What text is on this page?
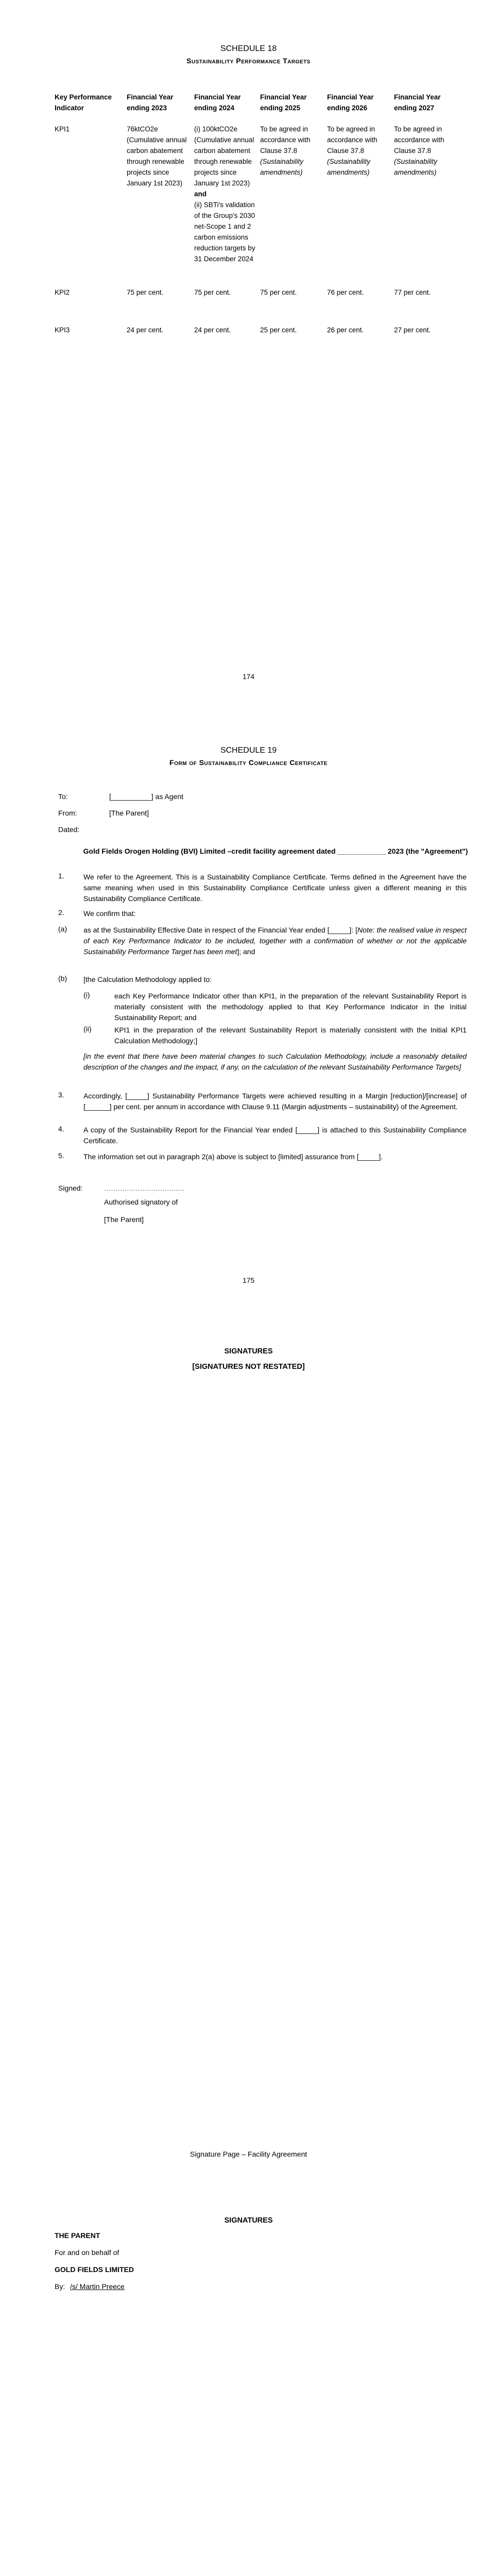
SCHEDULE 18
Sustainability Performance Targets
Key Performance Indicator	Financial Year ending 2023	Financial Year ending 2024	Financial Year ending 2025	Financial Year ending 2026	Financial Year ending 2027

KPI1	76ktCO2e (Cumulative annual carbon abatement through renewable projects since January 1st 2023)	(i) 100ktCO2e (Cumulative annual carbon abatement through renewable projects since January 1st 2023)
and
(ii) SBTi's validation of the Group's 2030 net-Scope 1 and 2 carbon emissions reduction targets by 31 December 2024	To be agreed in accordance with Clause 37.8 (Sustainability amendments)	To be agreed in accordance with Clause 37.8 (Sustainability amendments)	To be agreed in accordance with Clause 37.8 (Sustainability amendments)

KPI2	75 per cent.	75 per cent.	75 per cent.	76 per cent.	77 per cent.

KPI3	24 per cent.	24 per cent.	25 per cent.	26 per cent.	27 per cent.
174
SCHEDULE 19
Form of Sustainability Compliance Certificate
To:	[__________] as Agent
From:	[The Parent]
Dated:
Gold Fields Orogen Holding (BVI) Limited –credit facility agreement dated ____________ 2023 (the "Agreement")
1.	We refer to the Agreement. This is a Sustainability Compliance Certificate. Terms defined in the Agreement have the same meaning when used in this Sustainability Compliance Certificate unless given a different meaning in this Sustainability Compliance Certificate.
2.	We confirm that:
(a) as at the Sustainability Effective Date in respect of the Financial Year ended [_____]: [Note: the realised value in respect of each Key Performance Indicator to be included, together with a confirmation of whether or not the applicable Sustainability Performance Target has been met]; and
(b) [the Calculation Methodology applied to:
(i)	each Key Performance Indicator other than KPI1, in the preparation of the relevant Sustainability Report is materially consistent with the methodology applied to that Key Performance Indicator in the Initial Sustainability Report; and
(ii)	KPI1 in the preparation of the relevant Sustainability Report is materially consistent with the Initial KPI1 Calculation Methodology;]
[in the event that there have been material changes to such Calculation Methodology, include a reasonably detailed description of the changes and the impact, if any, on the calculation of the relevant Sustainability Performance Targets]
3.	Accordingly, [_____] Sustainability Performance Targets were achieved resulting in a Margin [reduction]/[increase] of [______] per cent. per annum in accordance with Clause 9.11 (Margin adjustments – sustainability) of the Agreement.
4.	A copy of the Sustainability Report for the Financial Year ended [_____] is attached to this Sustainability Compliance Certificate.
5.	The information set out in paragraph 2(a) above is subject to [limited] assurance from [_____].
Signed:	………………………………
Authorised signatory of
[The Parent]
175
SIGNATURES
[SIGNATURES NOT RESTATED]
Signature Page – Facility Agreement
SIGNATURES
THE PARENT
For and on behalf of
GOLD FIELDS LIMITED
By: /s/ Martin Preece
